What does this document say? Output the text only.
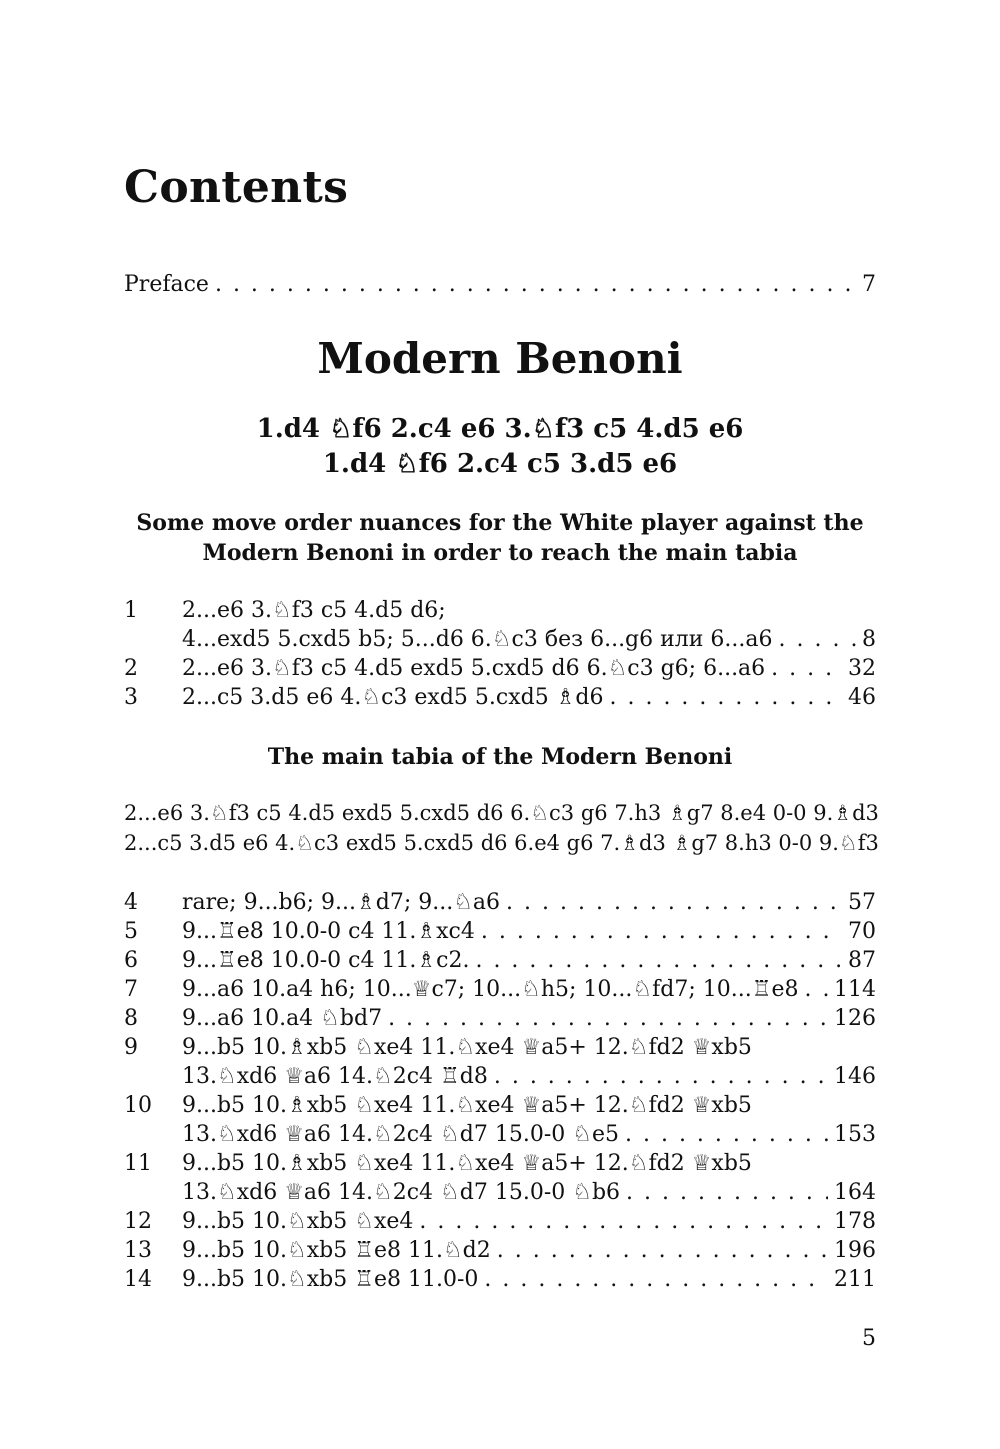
Contents
Preface . . .	7
Modern Benoni
1.d4 ♘f6 2.c4 e6 3.♘f3 c5 4.d5 e6
1.d4 ♘f6 2.c4 c5 3.d5 e6
Some move order nuances for the White player against the
Modern Benoni in order to reach the main tabia
1	2...e6 3.♘f3 c5 4.d5 d6;
4...exd5 5.cxd5 b5; 5...d6 6.♘c3 без 6...g6 или 6...a6 . . .	8
2	2...e6 3.♘f3 c5 4.d5 exd5 5.cxd5 d6 6.♘c3 g6; 6...a6 . . .	32
3	2...c5 3.d5 e6 4.♘c3 exd5 5.cxd5 ♗d6 . . .	46
The main tabia of the Modern Benoni
2...e6 3.♘f3 c5 4.d5 exd5 5.cxd5 d6 6.♘c3 g6 7.h3 ♗g7 8.e4 0-0 9.♗d3
2...c5 3.d5 e6 4.♘c3 exd5 5.cxd5 d6 6.e4 g6 7.♗d3 ♗g7 8.h3 0-0 9.♘f3
4	rare; 9...b6; 9...♗d7; 9...♘a6 . . .	57
5	9...♖e8 10.0-0 c4 11.♗xc4 . . .	70
6	9...♖e8 10.0-0 c4 11.♗c2. . . .	87
7	9...a6 10.a4 h6; 10...♕c7; 10...♘h5; 10...♘fd7; 10...♖e8 . . . 114
8	9...a6 10.a4 ♘bd7 . . .	126
9	9...b5 10.♗xb5 ♘xe4 11.♘xe4 ♕a5+ 12.♘fd2 ♕xb5
13.♘xd6 ♕a6 14.♘2c4 ♖d8 . . .	146
10	9...b5 10.♗xb5 ♘xe4 11.♘xe4 ♕a5+ 12.♘fd2 ♕xb5
13.♘xd6 ♕a6 14.♘2c4 ♘d7 15.0-0 ♘e5 . . .	153
11	9...b5 10.♗xb5 ♘xe4 11.♘xe4 ♕a5+ 12.♘fd2 ♕xb5
13.♘xd6 ♕a6 14.♘2c4 ♘d7 15.0-0 ♘b6 . . .	164
12	9...b5 10.♘xb5 ♘xe4 . . .	178
13	9...b5 10.♘xb5 ♖e8 11.♘d2 . . .	196
14	9...b5 10.♘xb5 ♖e8 11.0-0 . . .	211
5
